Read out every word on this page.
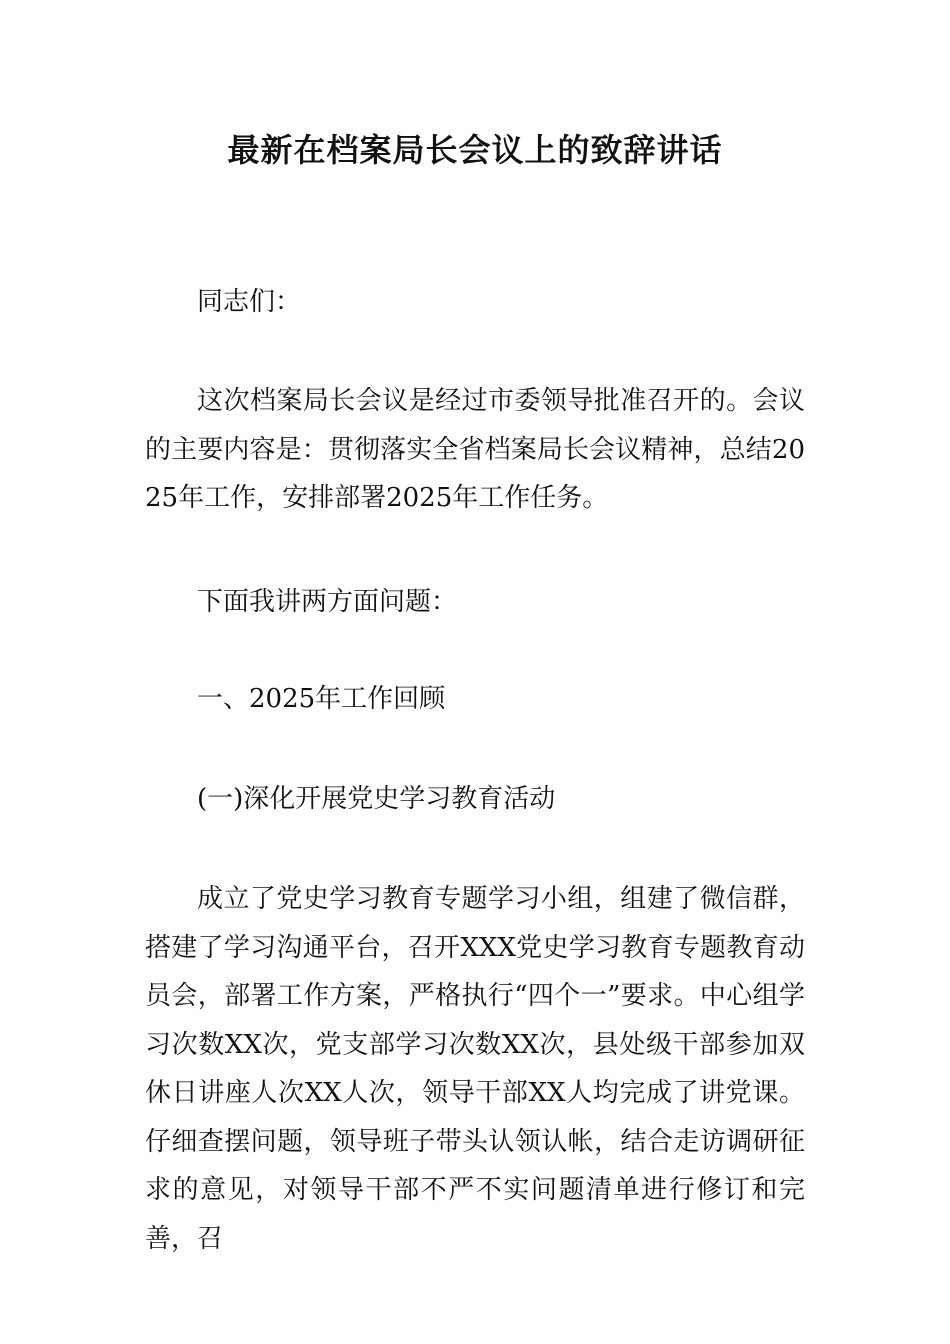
最新在档案局长会议上的致辞讲话

同志们：

这次档案局长会议是经过市委领导批准召开的。会议的主要内容是：贯彻落实全省档案局长会议精神，总结2025年工作，安排部署2025年工作任务。

下面我讲两方面问题：

一、2025年工作回顾

(一)深化开展党史学习教育活动

成立了党史学习教育专题学习小组，组建了微信群，搭建了学习沟通平台，召开XXX党史学习教育专题教育动员会，部署工作方案，严格执行“四个一”要求。中心组学习次数XX次，党支部学习次数XX次，县处级干部参加双休日讲座人次XX人次，领导干部XX人均完成了讲党课。仔细查摆问题，领导班子带头认领认帐，结合走访调研征求的意见，对领导干部不严不实问题清单进行修订和完善，召
